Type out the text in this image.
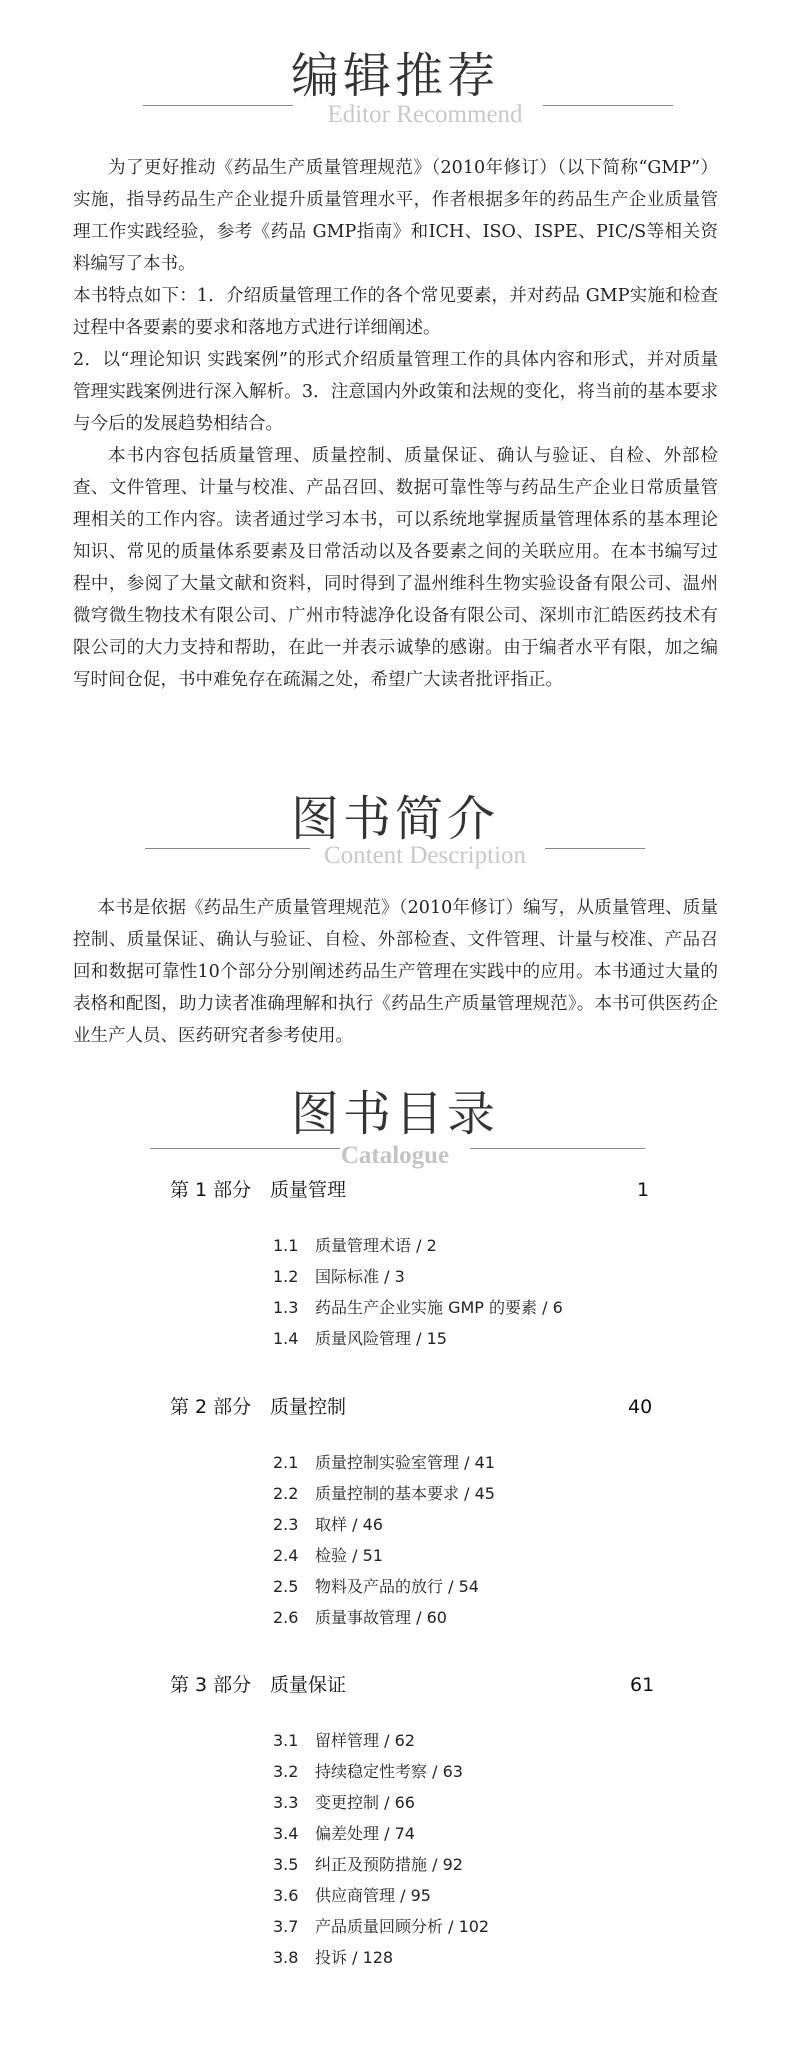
编辑推荐
Editor Recommend

为了更好推动《药品生产质量管理规范》（2010年修订）（以下简称“GMP”）实施，指导药品生产企业提升质量管理水平，作者根据多年的药品生产企业质量管理工作实践经验，参考《药品 GMP指南》和ICH、ISO、ISPE、PIC/S等相关资料编写了本书。

本书特点如下：1．介绍质量管理工作的各个常见要素，并对药品 GMP实施和检查过程中各要素的要求和落地方式进行详细阐述。

2．以“理论知识 实践案例”的形式介绍质量管理工作的具体内容和形式，并对质量管理实践案例进行深入解析。3．注意国内外政策和法规的变化，将当前的基本要求与今后的发展趋势相结合。

本书内容包括质量管理、质量控制、质量保证、确认与验证、自检、外部检查、文件管理、计量与校准、产品召回、数据可靠性等与药品生产企业日常质量管理相关的工作内容。读者通过学习本书，可以系统地掌握质量管理体系的基本理论知识、常见的质量体系要素及日常活动以及各要素之间的关联应用。在本书编写过程中，参阅了大量文献和资料，同时得到了温州维科生物实验设备有限公司、温州微穹微生物技术有限公司、广州市特滤净化设备有限公司、深圳市汇皓医药技术有限公司的大力支持和帮助，在此一并表示诚挚的感谢。由于编者水平有限，加之编写时间仓促，书中难免存在疏漏之处，希望广大读者批评指正。

图书简介
Content Description

本书是依据《药品生产质量管理规范》（2010年修订）编写，从质量管理、质量控制、质量保证、确认与验证、自检、外部检查、文件管理、计量与校准、产品召回和数据可靠性10个部分分别阐述药品生产管理在实践中的应用。本书通过大量的表格和配图，助力读者准确理解和执行《药品生产质量管理规范》。本书可供医药企业生产人员、医药研究者参考使用。

图书目录
Catalogue
第 1 部分 质量管理	1
1.1 质量管理术语 / 2
1.2 国际标准 / 3
1.3 药品生产企业实施 GMP 的要素 / 6
1.4 质量风险管理 / 15
第 2 部分 质量控制	40
2.1 质量控制实验室管理 / 41
2.2 质量控制的基本要求 / 45
2.3 取样 / 46
2.4 检验 / 51
2.5 物料及产品的放行 / 54
2.6 质量事故管理 / 60
第 3 部分 质量保证	61
3.1 留样管理 / 62
3.2 持续稳定性考察 / 63
3.3 变更控制 / 66
3.4 偏差处理 / 74
3.5 纠正及预防措施 / 92
3.6 供应商管理 / 95
3.7 产品质量回顾分析 / 102
3.8 投诉 / 128
